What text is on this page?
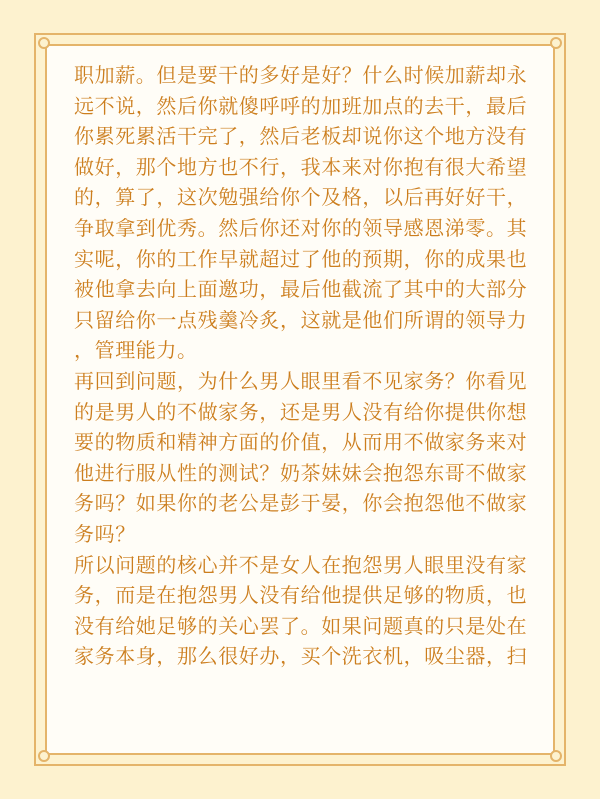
职加薪。但是要干的多好是好？什么时候加薪却永
远不说，然后你就傻呼呼的加班加点的去干，最后
你累死累活干完了，然后老板却说你这个地方没有
做好，那个地方也不行，我本来对你抱有很大希望
的，算了，这次勉强给你个及格，以后再好好干，
争取拿到优秀。然后你还对你的领导感恩涕零。其
实呢，你的工作早就超过了他的预期，你的成果也
被他拿去向上面邀功，最后他截流了其中的大部分
只留给你一点残羹冷炙，这就是他们所谓的领导力
，管理能力。
再回到问题，为什么男人眼里看不见家务？你看见
的是男人的不做家务，还是男人没有给你提供你想
要的物质和精神方面的价值，从而用不做家务来对
他进行服从性的测试？奶茶妹妹会抱怨东哥不做家
务吗？如果你的老公是彭于晏，你会抱怨他不做家
务吗？
所以问题的核心并不是女人在抱怨男人眼里没有家
务，而是在抱怨男人没有给他提供足够的物质，也
没有给她足够的关心罢了。如果问题真的只是处在
家务本身，那么很好办，买个洗衣机，吸尘器，扫
